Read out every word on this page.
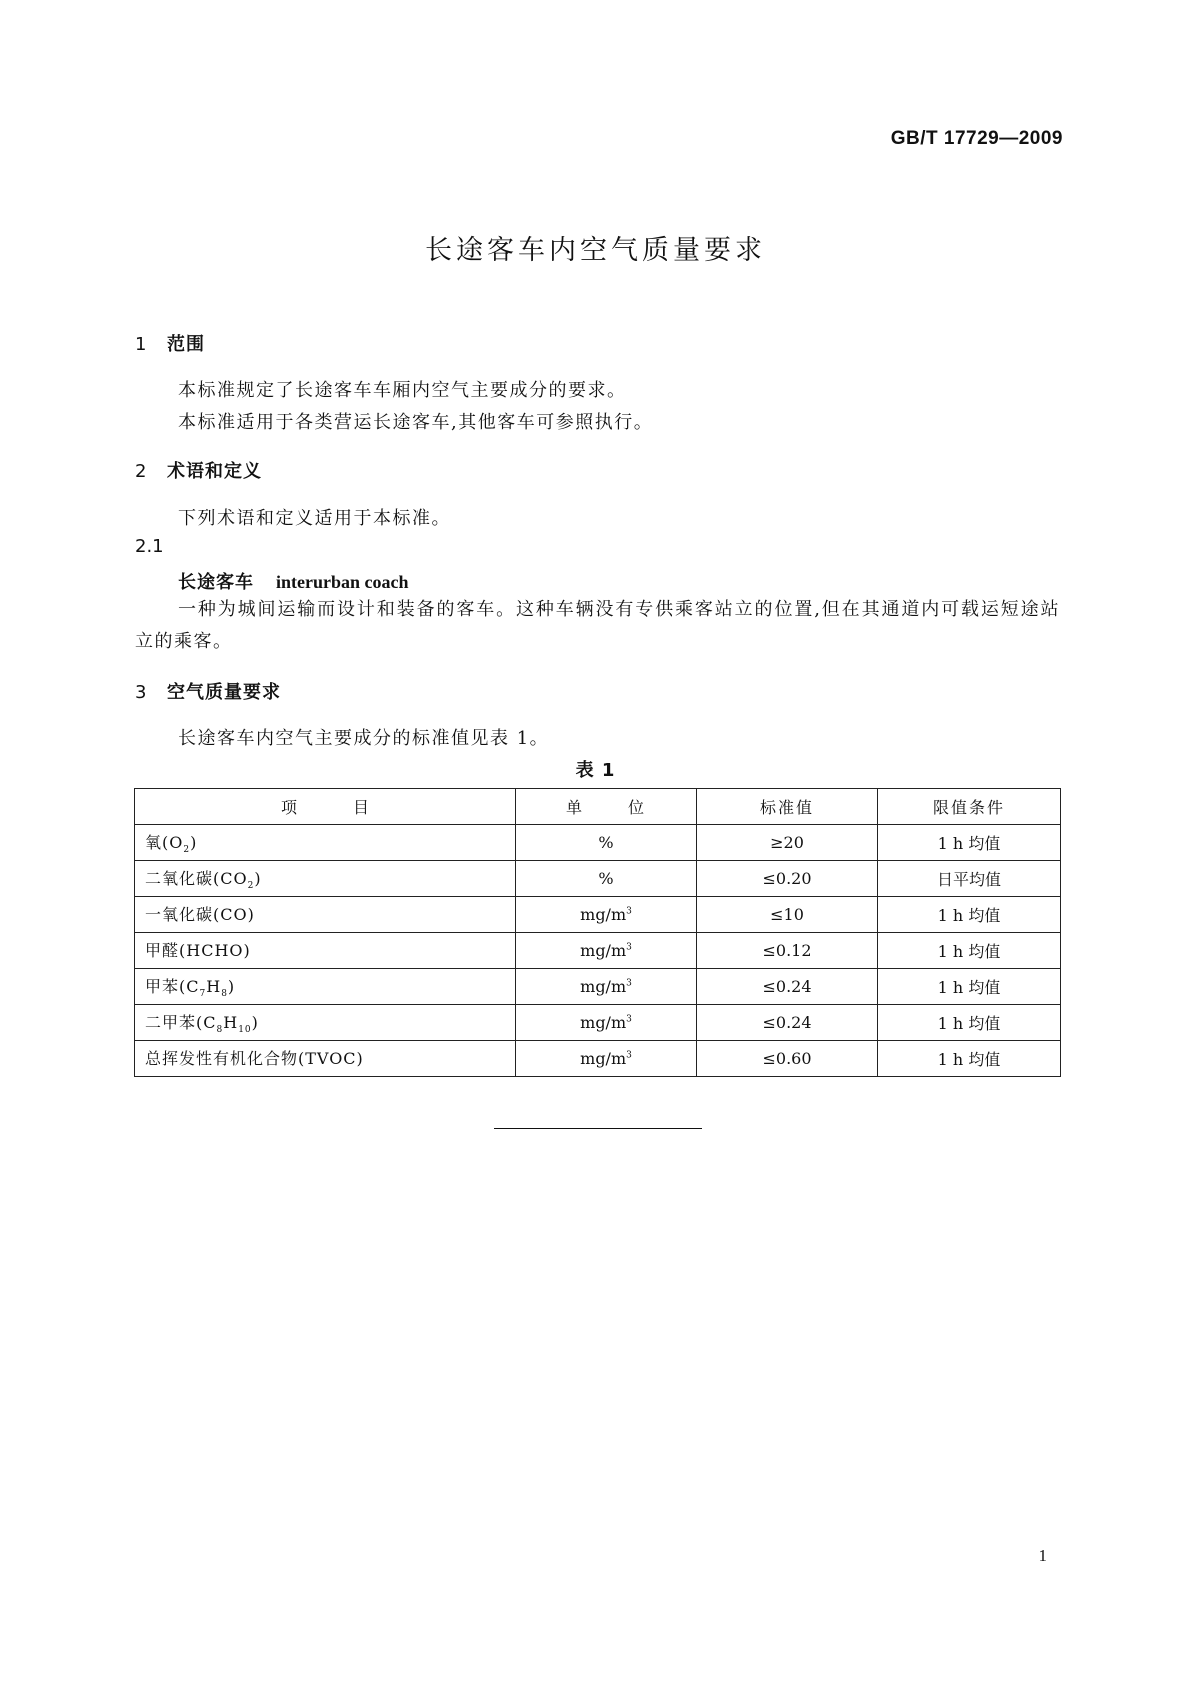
GB/T 17729—2009
长途客车内空气质量要求
1 范围
本标准规定了长途客车车厢内空气主要成分的要求。
本标准适用于各类营运长途客车,其他客车可参照执行。
2 术语和定义
下列术语和定义适用于本标准。
2.1
长途客车 interurban coach
一种为城间运输而设计和装备的客车。这种车辆没有专供乘客站立的位置,但在其通道内可载运短途站立的乘客。
3 空气质量要求
长途客车内空气主要成分的标准值见表 1。
表 1
项 目	单 位	标准值	限值条件
氧$(O_2)$	%	≥20	1 h 均值
二氧化碳$(CO_2)$	%	≤0.20	日平均值
一氧化碳(CO)	$mg/m^3$	≤10	1 h 均值
甲醛(HCHO)	$mg/m^3$	≤0.12	1 h 均值
甲苯$(C_7H_8)$	$mg/m^3$	≤0.24	1 h 均值
二甲苯$(C_8H_{10})$	$mg/m^3$	≤0.24	1 h 均值
总挥发性有机化合物(TVOC)	$mg/m^3$	≤0.60	1 h 均值
1
